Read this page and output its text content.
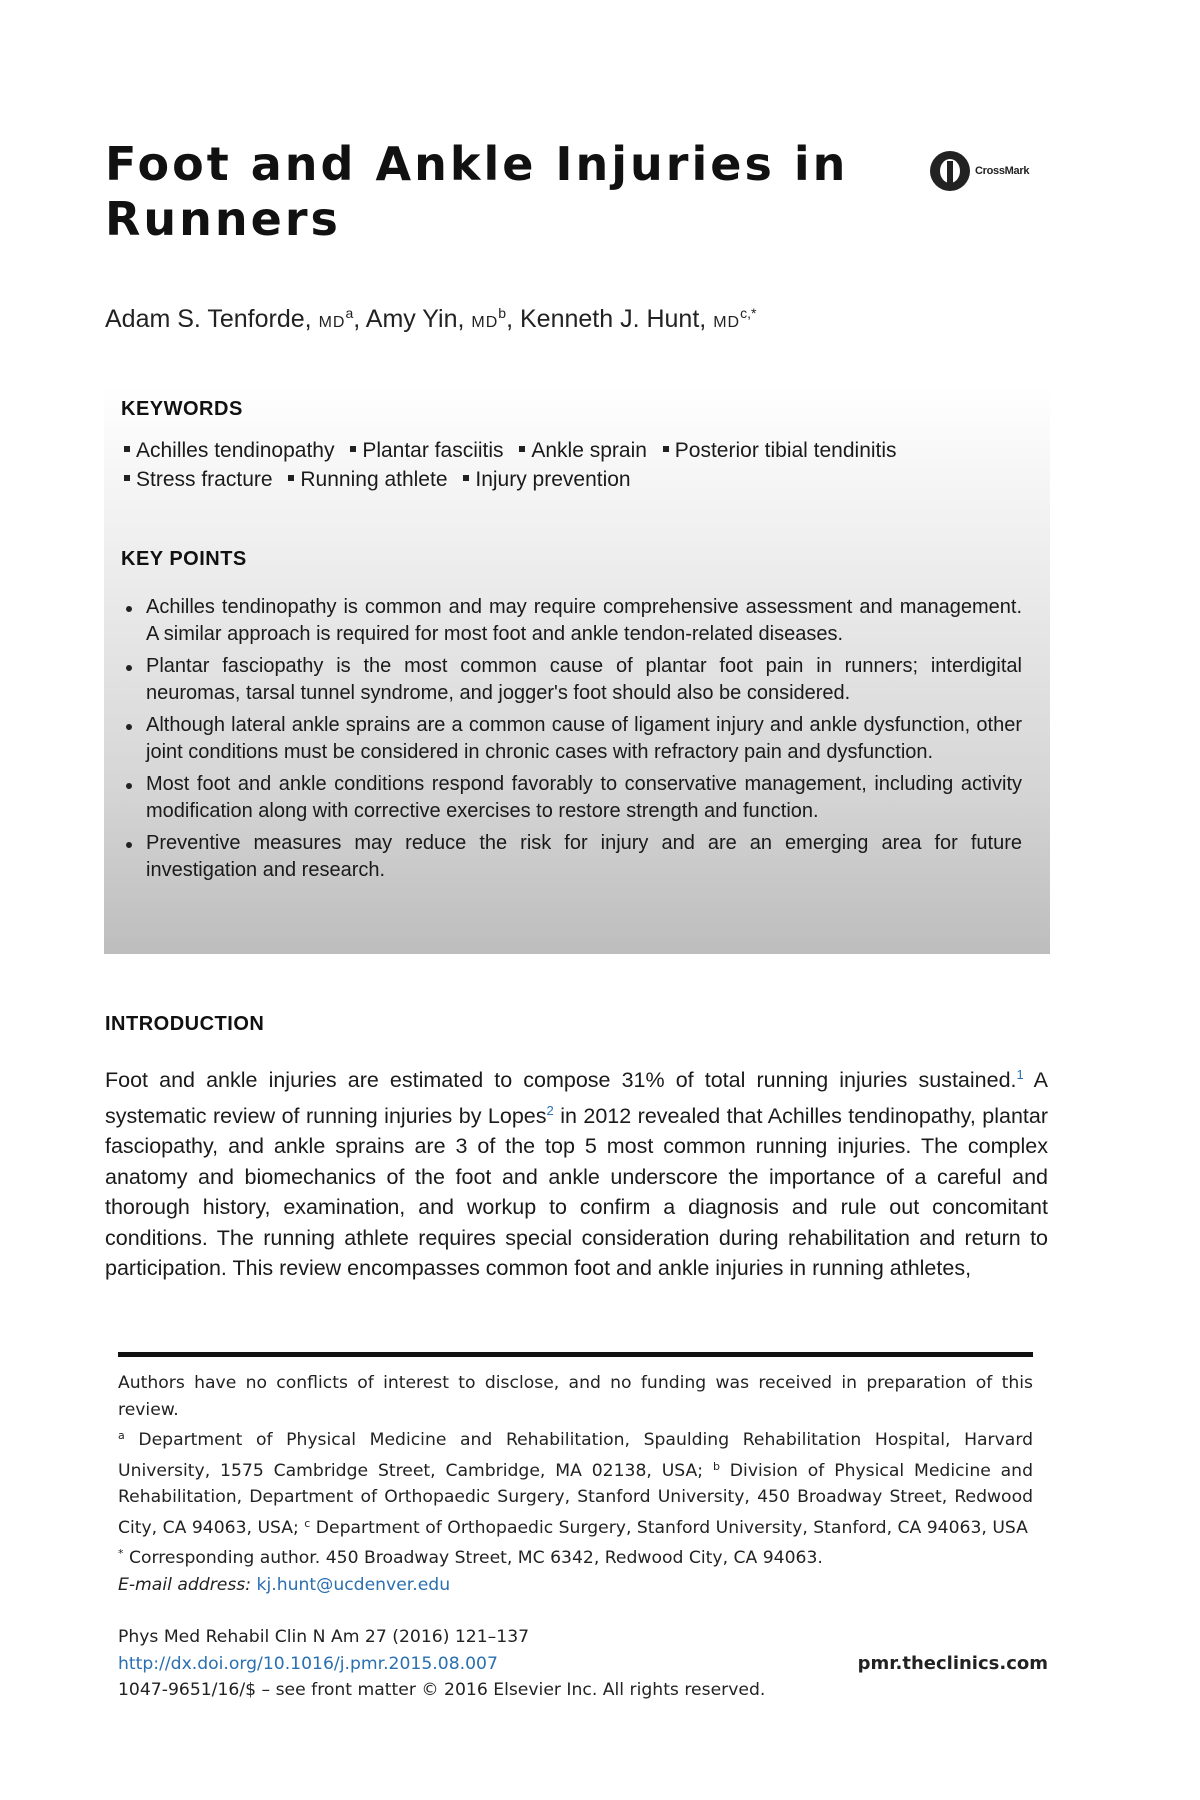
Foot and Ankle Injuries in
Runners
CrossMark

Adam S. Tenforde, $MD^a$, Amy Yin, $MD^b$, Kenneth J. Hunt, $MD^{c,*}$

KEYWORDS
Achilles tendinopathy Plantar fasciitis Ankle sprain Posterior tibial tendinitis
Stress fracture Running athlete Injury prevention
KEY POINTS
Achilles tendinopathy is common and may require comprehensive assessment and management. A similar approach is required for most foot and ankle tendon-related diseases.
Plantar fasciopathy is the most common cause of plantar foot pain in runners; interdigital neuromas, tarsal tunnel syndrome, and jogger's foot should also be considered.
Although lateral ankle sprains are a common cause of ligament injury and ankle dysfunction, other joint conditions must be considered in chronic cases with refractory pain and dysfunction.
Most foot and ankle conditions respond favorably to conservative management, including activity modification along with corrective exercises to restore strength and function.
Preventive measures may reduce the risk for injury and are an emerging area for future investigation and research.
INTRODUCTION

Foot and ankle injuries are estimated to compose 31% of total running injuries sustained.$^1$ A systematic review of running injuries by Lopes$^2$ in 2012 revealed that Achilles tendinopathy, plantar fasciopathy, and ankle sprains are 3 of the top 5 most common running injuries. The complex anatomy and biomechanics of the foot and ankle underscore the importance of a careful and thorough history, examination, and workup to confirm a diagnosis and rule out concomitant conditions. The running athlete requires special consideration during rehabilitation and return to participation. This review encompasses common foot and ankle injuries in running athletes,

Authors have no conflicts of interest to disclose, and no funding was received in preparation of this review.

$^a$ Department of Physical Medicine and Rehabilitation, Spaulding Rehabilitation Hospital, Harvard University, 1575 Cambridge Street, Cambridge, MA 02138, USA; $^b$ Division of Physical Medicine and Rehabilitation, Department of Orthopaedic Surgery, Stanford University, 450 Broadway Street, Redwood City, CA 94063, USA; $^c$ Department of Orthopaedic Surgery, Stanford University, Stanford, CA 94063, USA

* Corresponding author. 450 Broadway Street, MC 6342, Redwood City, CA 94063.

E-mail address: kj.hunt@ucdenver.edu

Phys Med Rehabil Clin N Am 27 (2016) 121–137

http://dx.doi.org/10.1016/j.pmr.2015.08.007

1047-9651/16/$ – see front matter © 2016 Elsevier Inc. All rights reserved.

pmr.theclinics.com
